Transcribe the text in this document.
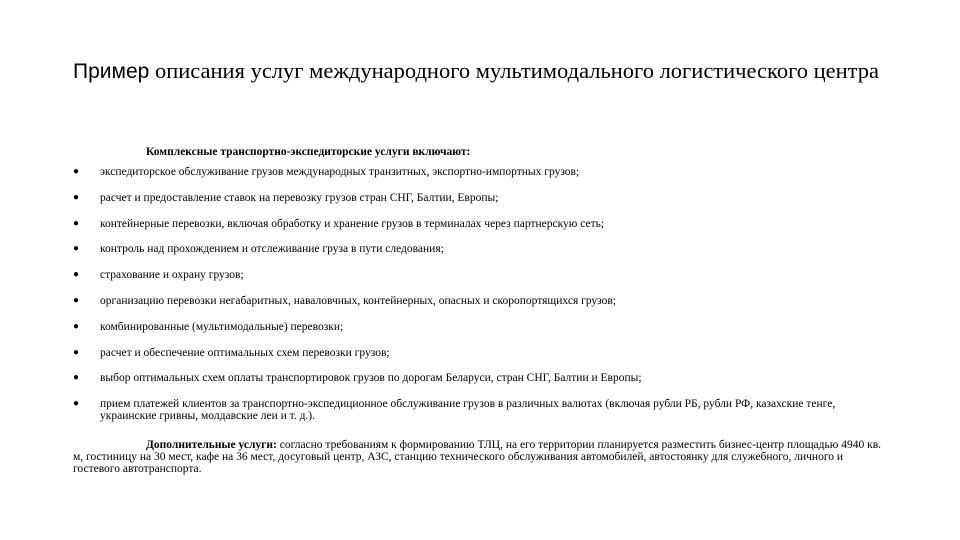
Пример описания услуг международного мультимодального логистического центра
Комплексные транспортно-экспедиторские услуги включают:
● экспедиторское обслуживание грузов международных транзитных, экспортно-импортных грузов;
● расчет и предоставление ставок на перевозку грузов стран СНГ, Балтии, Европы;
● контейнерные перевозки, включая обработку и хранение грузов в терминалах через партнерскую сеть;
● контроль над прохождением и отслеживание груза в пути следования;
● страхование и охрану грузов;
● организацию перевозки негабаритных, наваловчных, контейнерных, опасных и скоропортящихся грузов;
● комбинированные (мультимодальные) перевозки;
● расчет и обеспечение оптимальных схем перевозки грузов;
● выбор оптимальных схем оплаты транспортировок грузов по дорогам Беларуси, стран СНГ, Балтии и Европы;
● прием платежей клиентов за транспортно-экспедиционное обслуживание грузов в различных валютах (включая рубли РБ, рубли РФ, казахские тенге, украинские гривны, молдавские леи и т. д.).
Дополнительные услуги: согласно требованиям к формированию ТЛЦ, на его территории планируется разместить бизнес-центр площадью 4940 кв. м, гостиницу на 30 мест, кафе на 36 мест, досуговый центр, АЗС, станцию технического обслуживания автомобилей, автостоянку для служебного, личного и гостевого автотранспорта.
